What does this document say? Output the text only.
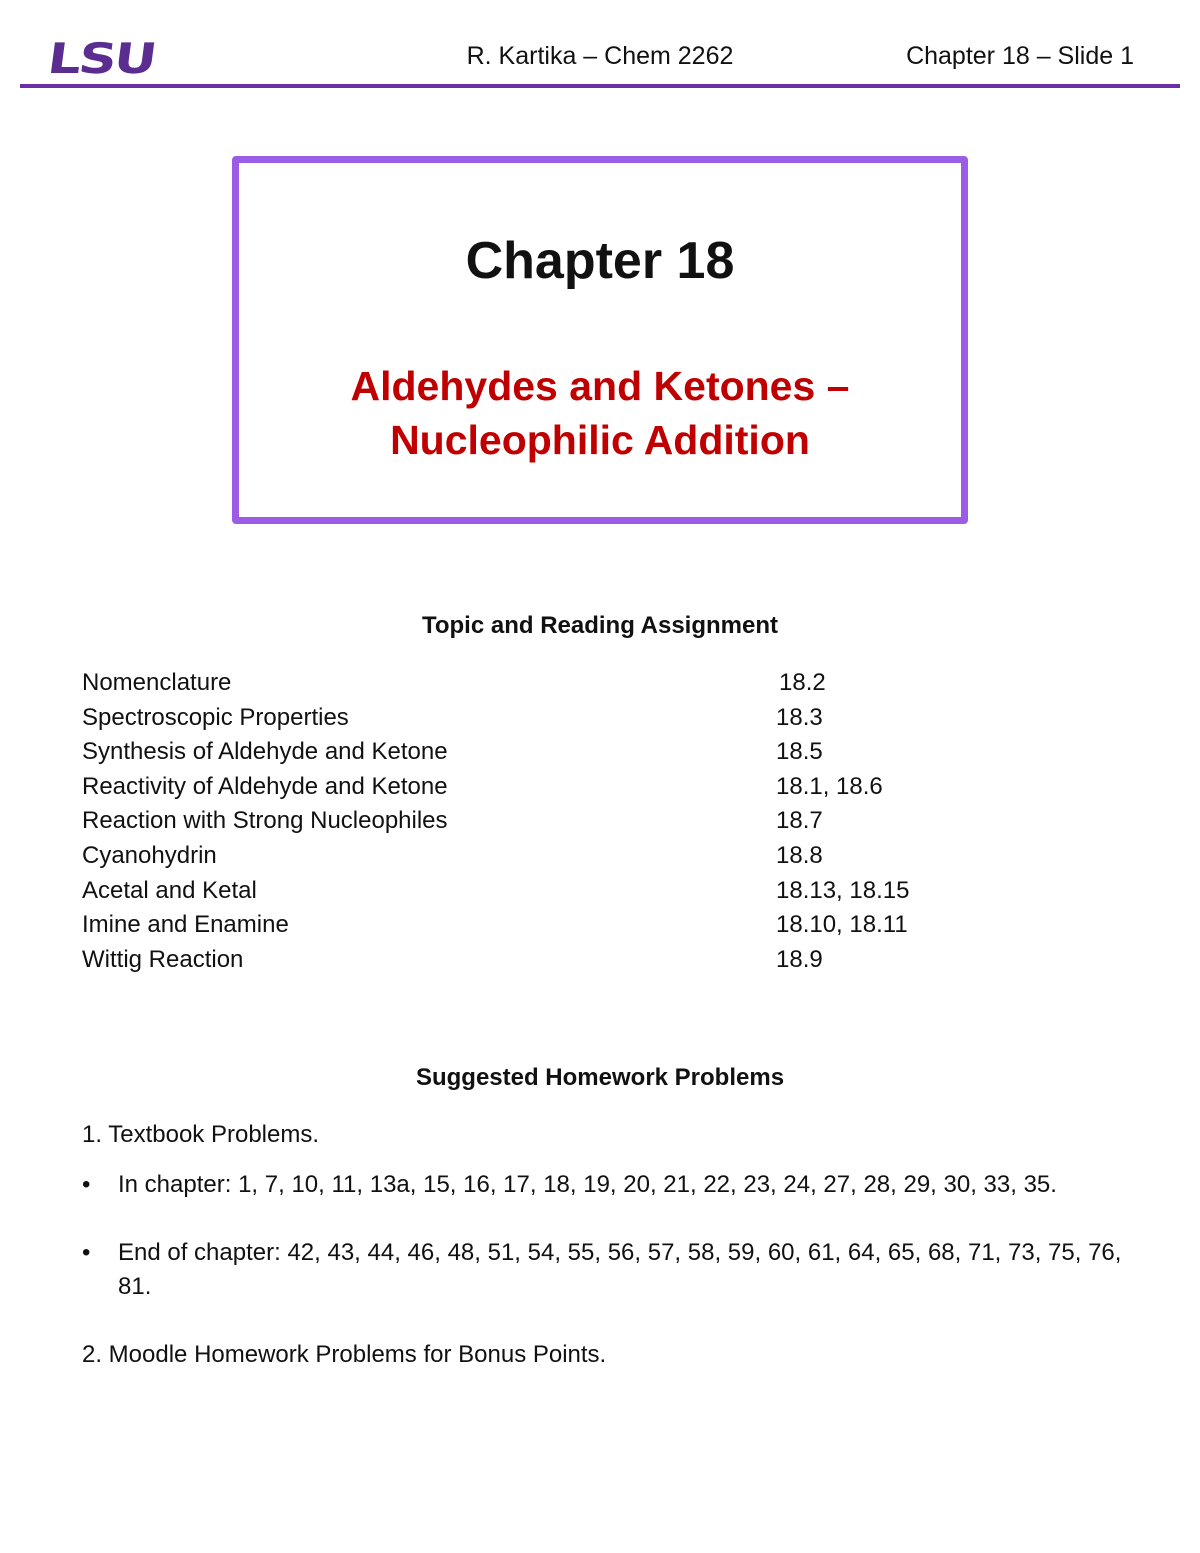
LSU	R. Kartika – Chem 2262	Chapter 18 – Slide 1
Chapter 18
Aldehydes and Ketones –
Nucleophilic Addition
Topic and Reading Assignment
Nomenclature	18.2
Spectroscopic Properties	18.3
Synthesis of Aldehyde and Ketone	18.5
Reactivity of Aldehyde and Ketone	18.1, 18.6
Reaction with Strong Nucleophiles	18.7
Cyanohydrin	18.8
Acetal and Ketal	18.13, 18.15
Imine and Enamine	18.10, 18.11
Wittig Reaction	18.9
Suggested Homework Problems
1. Textbook Problems.
• In chapter: 1, 7, 10, 11, 13a, 15, 16, 17, 18, 19, 20, 21, 22, 23, 24, 27, 28, 29, 30, 33, 35.
• End of chapter: 42, 43, 44, 46, 48, 51, 54, 55, 56, 57, 58, 59, 60, 61, 64, 65, 68, 71, 73, 75, 76, 81.
2. Moodle Homework Problems for Bonus Points.
